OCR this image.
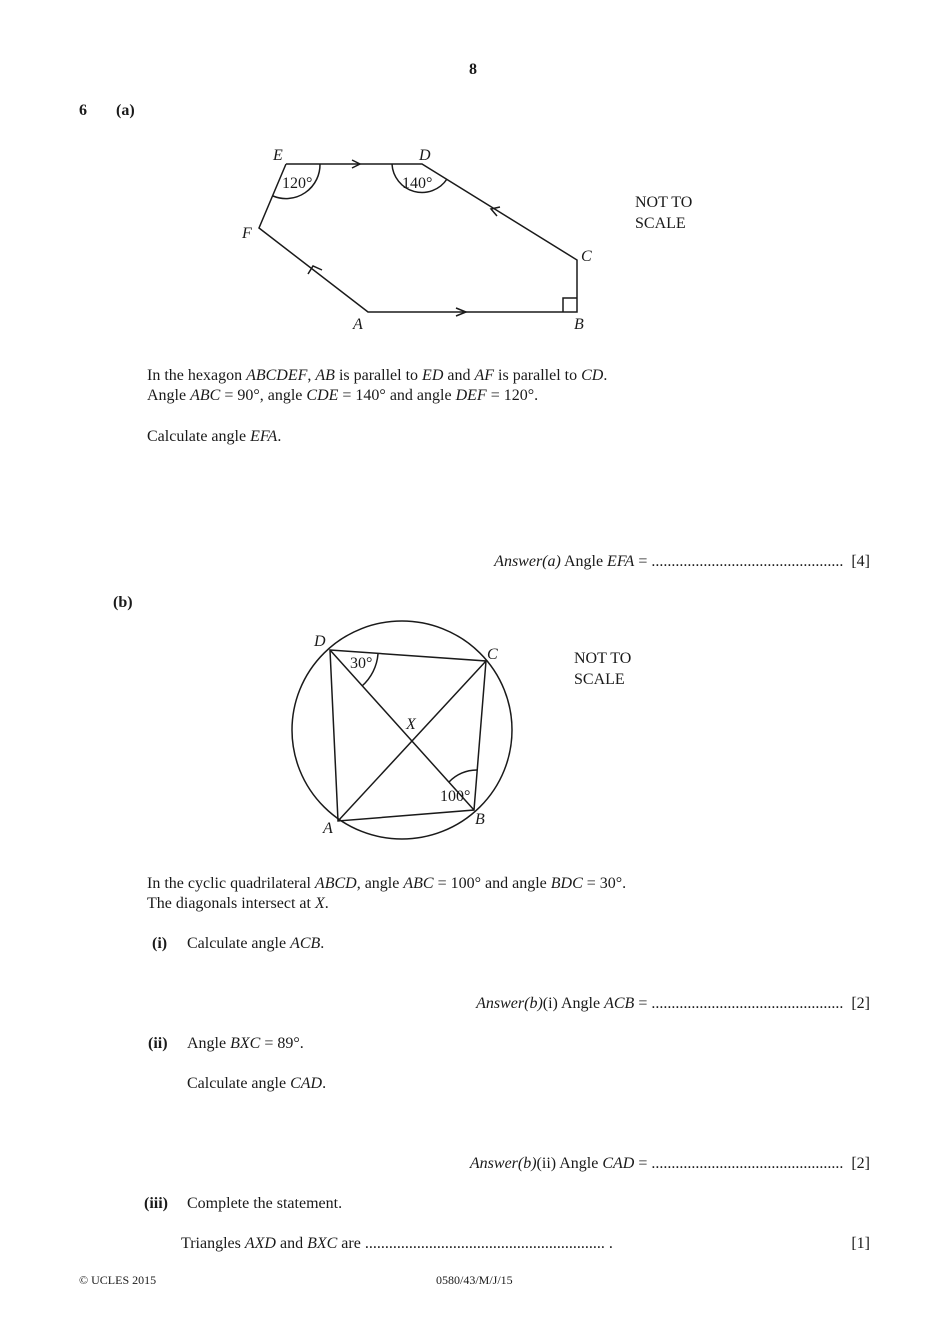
8
6 (a)
E	D
F
C
A	B
120°	140°
NOT TO
SCALE
In the hexagon ABCDEF, AB is parallel to ED and AF is parallel to CD.
Angle ABC = 90°, angle CDE = 140° and angle DEF = 120°.
Calculate angle EFA.
Answer(a) Angle EFA = ................................................ [4]
(b)
D
C
X
A
B
30°
100°
NOT TO
SCALE
In the cyclic quadrilateral ABCD, angle ABC = 100° and angle BDC = 30°.
The diagonals intersect at X.
(i) Calculate angle ACB.
Answer(b)(i) Angle ACB = ................................................ [2]
(ii) Angle BXC = 89°.
Calculate angle CAD.
Answer(b)(ii) Angle CAD = ................................................ [2]
(iii) Complete the statement.
Triangles AXD and BXC are ............................................................ .	[1]
© UCLES 2015	0580/43/M/J/15
